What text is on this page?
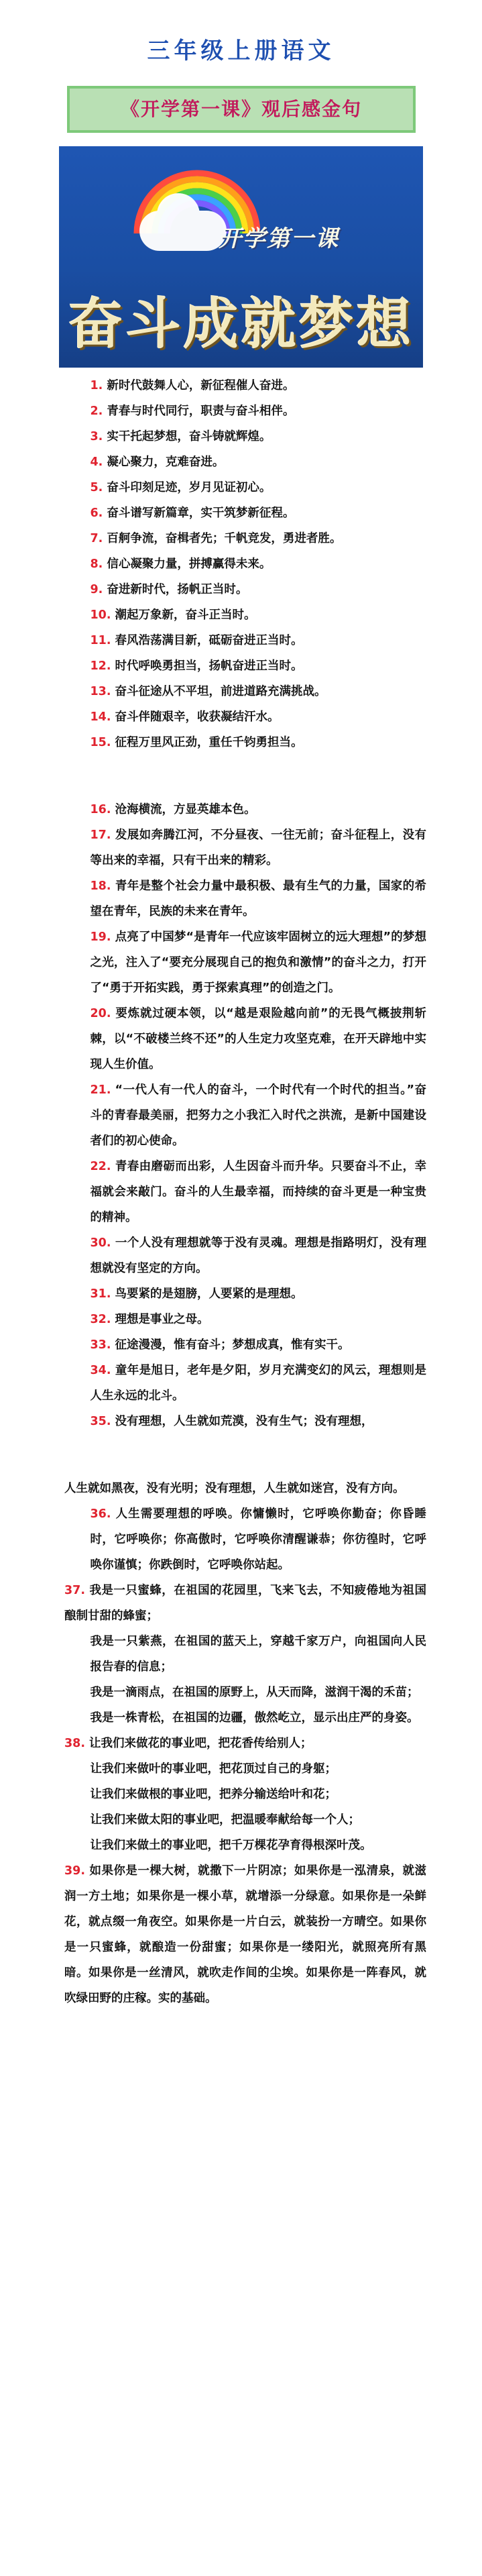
三年级上册语文
《开学第一课》观后感金句
开学第一课
奋斗成就梦想

1. 新时代鼓舞人心，新征程催人奋进。

2. 青春与时代同行，职责与奋斗相伴。

3. 实干托起梦想，奋斗铸就辉煌。

4. 凝心聚力，克难奋进。

5. 奋斗印刻足迹，岁月见证初心。

6. 奋斗谱写新篇章，实干筑梦新征程。

7. 百舸争流，奋楫者先；千帆竞发，勇进者胜。

8. 信心凝聚力量，拼搏赢得未来。

9. 奋进新时代，扬帆正当时。

10. 潮起万象新，奋斗正当时。

11. 春风浩荡满目新，砥砺奋进正当时。

12. 时代呼唤勇担当，扬帆奋进正当时。

13. 奋斗征途从不平坦，前进道路充满挑战。

14. 奋斗伴随艰辛，收获凝结汗水。

15. 征程万里风正劲，重任千钧勇担当。

16. 沧海横流，方显英雄本色。

17. 发展如奔腾江河，不分昼夜、一往无前；奋斗征程上，没有等出来的幸福，只有干出来的精彩。

18. 青年是整个社会力量中最积极、最有生气的力量，国家的希望在青年，民族的未来在青年。

19. 点亮了中国梦“是青年一代应该牢固树立的远大理想”的梦想之光，注入了“要充分展现自己的抱负和激情”的奋斗之力，打开了“勇于开拓实践，勇于探索真理”的创造之门。

20. 要炼就过硬本领，以“越是艰险越向前”的无畏气概披荆斩棘，以“不破楼兰终不还”的人生定力攻坚克难，在开天辟地中实现人生价值。

21. “一代人有一代人的奋斗，一个时代有一个时代的担当。”奋斗的青春最美丽，把努力之小我汇入时代之洪流，是新中国建设者们的初心使命。

22. 青春由磨砺而出彩，人生因奋斗而升华。只要奋斗不止，幸福就会来敲门。奋斗的人生最幸福，而持续的奋斗更是一种宝贵的精神。

30. 一个人没有理想就等于没有灵魂。理想是指路明灯，没有理想就没有坚定的方向。

31. 鸟要紧的是翅膀，人要紧的是理想。

32. 理想是事业之母。

33. 征途漫漫，惟有奋斗；梦想成真，惟有实干。

34. 童年是旭日，老年是夕阳，岁月充满变幻的风云，理想则是人生永远的北斗。

35. 没有理想，人生就如荒漠，没有生气；没有理想，

人生就如黑夜，没有光明；没有理想，人生就如迷宫，没有方向。

36. 人生需要理想的呼唤。你慵懒时，它呼唤你勤奋；你昏睡时，它呼唤你；你高傲时，它呼唤你清醒谦恭；你彷徨时，它呼唤你谨慎；你跌倒时，它呼唤你站起。

37. 我是一只蜜蜂，在祖国的花园里，飞来飞去，不知疲倦地为祖国酿制甘甜的蜂蜜；

我是一只紫燕，在祖国的蓝天上，穿越千家万户，向祖国向人民报告春的信息；

我是一滴雨点，在祖国的原野上，从天而降，滋润干渴的禾苗；

我是一株青松，在祖国的边疆，傲然屹立，显示出庄严的身姿。

38. 让我们来做花的事业吧，把花香传给别人；

让我们来做叶的事业吧，把花顶过自己的身躯；

让我们来做根的事业吧，把养分输送给叶和花；

让我们来做太阳的事业吧，把温暖奉献给每一个人；

让我们来做土的事业吧，把千万棵花孕育得根深叶茂。

39. 如果你是一棵大树，就撒下一片阴凉；如果你是一泓清泉，就滋润一方土地；如果你是一棵小草，就增添一分绿意。如果你是一朵鲜花，就点缀一角夜空。如果你是一片白云，就装扮一方晴空。如果你是一只蜜蜂，就酿造一份甜蜜；如果你是一缕阳光，就照亮所有黑暗。如果你是一丝清风，就吹走作间的尘埃。如果你是一阵春风，就吹绿田野的庄稼。实的基础。
